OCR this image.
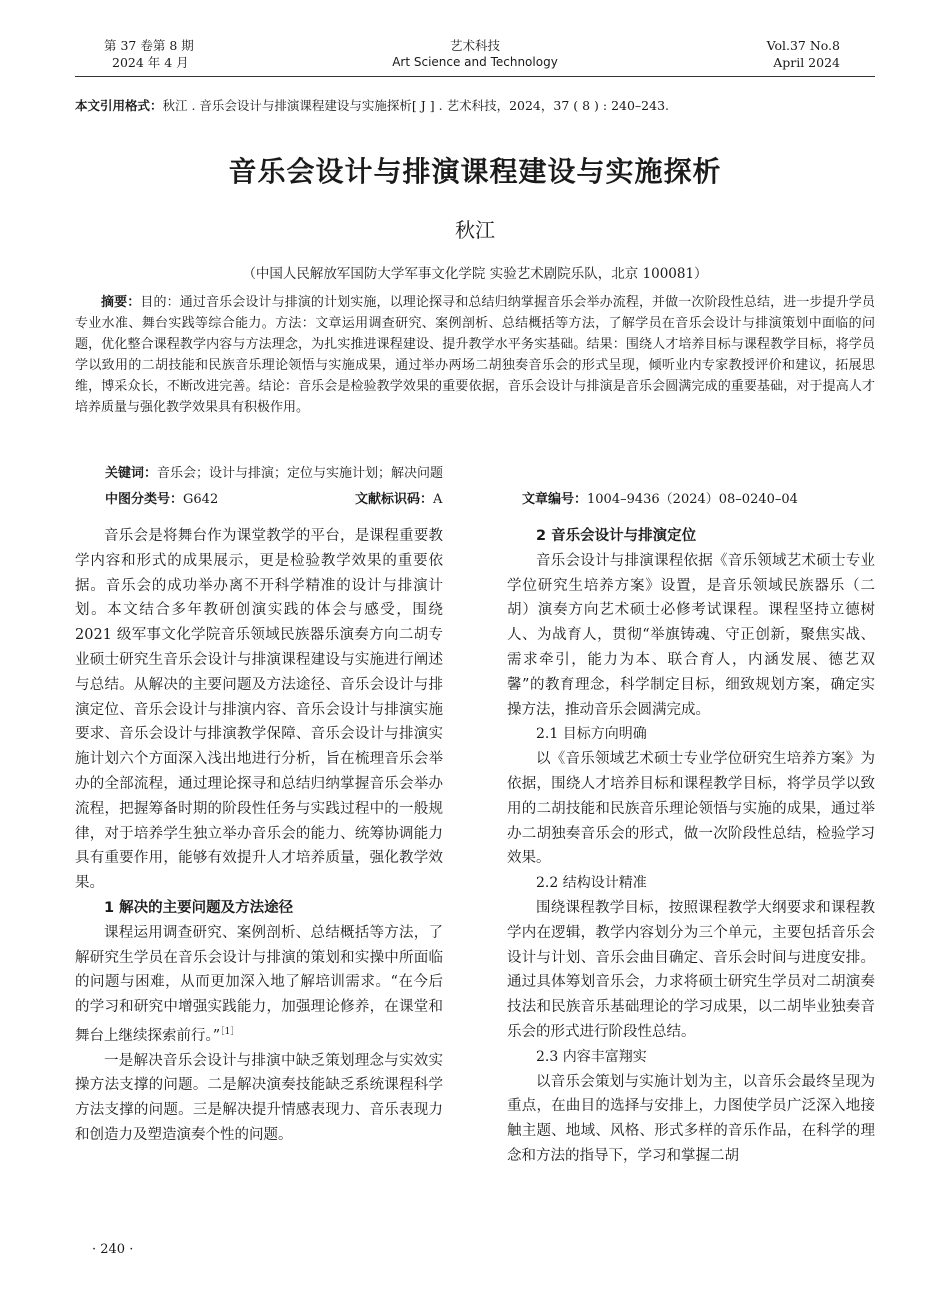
第 37 卷第 8 期
2024 年 4 月
艺术科技
Art Science and Technology
Vol.37 No.8
April 2024
本文引用格式：秋江 . 音乐会设计与排演课程建设与实施探析[ J ] . 艺术科技，2024，37 ( 8 ) : 240–243.
音乐会设计与排演课程建设与实施探析
秋江
（中国人民解放军国防大学军事文化学院 实验艺术剧院乐队，北京 100081）
摘要：目的：通过音乐会设计与排演的计划实施，以理论探寻和总结归纳掌握音乐会举办流程，并做一次阶段性总结，进一步提升学员专业水准、舞台实践等综合能力。方法：文章运用调查研究、案例剖析、总结概括等方法，了解学员在音乐会设计与排演策划中面临的问题，优化整合课程教学内容与方法理念，为扎实推进课程建设、提升教学水平务实基础。结果：围绕人才培养目标与课程教学目标，将学员学以致用的二胡技能和民族音乐理论领悟与实施成果，通过举办两场二胡独奏音乐会的形式呈现，倾听业内专家教授评价和建议，拓展思维，博采众长，不断改进完善。结论：音乐会是检验教学效果的重要依据，音乐会设计与排演是音乐会圆满完成的重要基础，对于提高人才培养质量与强化教学效果具有积极作用。
关键词：音乐会；设计与排演；定位与实施计划；解决问题
中图分类号：G642	文献标识码：A	文章编号：1004–9436（2024）08–0240–04

音乐会是将舞台作为课堂教学的平台，是课程重要教学内容和形式的成果展示，更是检验教学效果的重要依据。音乐会的成功举办离不开科学精准的设计与排演计划。本文结合多年教研创演实践的体会与感受，围绕 2021 级军事文化学院音乐领域民族器乐演奏方向二胡专业硕士研究生音乐会设计与排演课程建设与实施进行阐述与总结。从解决的主要问题及方法途径、音乐会设计与排演定位、音乐会设计与排演内容、音乐会设计与排演实施要求、音乐会设计与排演教学保障、音乐会设计与排演实施计划六个方面深入浅出地进行分析，旨在梳理音乐会举办的全部流程，通过理论探寻和总结归纳掌握音乐会举办流程，把握筹备时期的阶段性任务与实践过程中的一般规律，对于培养学生独立举办音乐会的能力、统筹协调能力具有重要作用，能够有效提升人才培养质量，强化教学效果。

1 解决的主要问题及方法途径

课程运用调查研究、案例剖析、总结概括等方法，了解研究生学员在音乐会设计与排演的策划和实操中所面临的问题与困难，从而更加深入地了解培训需求。“在今后的学习和研究中增强实践能力，加强理论修养，在课堂和舞台上继续探索前行。”$^{[1]}$

一是解决音乐会设计与排演中缺乏策划理念与实效实操方法支撑的问题。二是解决演奏技能缺乏系统课程科学方法支撑的问题。三是解决提升情感表现力、音乐表现力和创造力及塑造演奏个性的问题。

2 音乐会设计与排演定位

音乐会设计与排演课程依据《音乐领域艺术硕士专业学位研究生培养方案》设置，是音乐领域民族器乐（二胡）演奏方向艺术硕士必修考试课程。课程坚持立德树人、为战育人，贯彻“举旗铸魂、守正创新，聚焦实战、需求牵引，能力为本、联合育人，内涵发展、德艺双馨”的教育理念，科学制定目标，细致规划方案，确定实操方法，推动音乐会圆满完成。

2.1 目标方向明确

以《音乐领域艺术硕士专业学位研究生培养方案》为依据，围绕人才培养目标和课程教学目标，将学员学以致用的二胡技能和民族音乐理论领悟与实施的成果，通过举办二胡独奏音乐会的形式，做一次阶段性总结，检验学习效果。

2.2 结构设计精准

围绕课程教学目标，按照课程教学大纲要求和课程教学内在逻辑，教学内容划分为三个单元，主要包括音乐会设计与计划、音乐会曲目确定、音乐会时间与进度安排。通过具体筹划音乐会，力求将硕士研究生学员对二胡演奏技法和民族音乐基础理论的学习成果，以二胡毕业独奏音乐会的形式进行阶段性总结。

2.3 内容丰富翔实

以音乐会策划与实施计划为主，以音乐会最终呈现为重点，在曲目的选择与安排上，力图使学员广泛深入地接触主题、地域、风格、形式多样的音乐作品，在科学的理念和方法的指导下，学习和掌握二胡

· 240 ·
